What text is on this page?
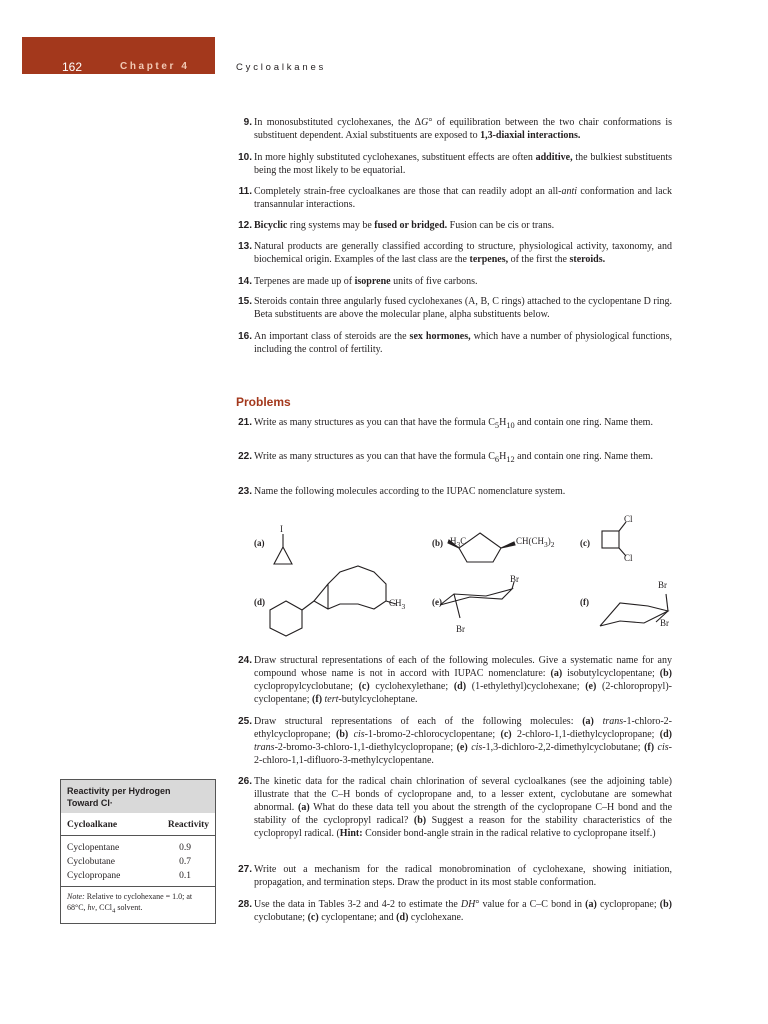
162	Chapter 4	Cycloalkanes
9. In monosubstituted cyclohexanes, the ΔG° of equilibration between the two chair conformations is substituent dependent. Axial substituents are exposed to 1,3-diaxial interactions.
10. In more highly substituted cyclohexanes, substituent effects are often additive, the bulkiest substituents being the most likely to be equatorial.
11. Completely strain-free cycloalkanes are those that can readily adopt an all-anti conformation and lack transannular interactions.
12. Bicyclic ring systems may be fused or bridged. Fusion can be cis or trans.
13. Natural products are generally classified according to structure, physiological activity, taxonomy, and biochemical origin. Examples of the last class are the terpenes, of the first the steroids.
14. Terpenes are made up of isoprene units of five carbons.
15. Steroids contain three angularly fused cyclohexanes (A, B, C rings) attached to the cyclopentane D ring. Beta substituents are above the molecular plane, alpha substituents below.
16. An important class of steroids are the sex hormones, which have a number of physiological functions, including the control of fertility.
Problems
21. Write as many structures as you can that have the formula $C_5H_{10}$ and contain one ring. Name them.
22. Write as many structures as you can that have the formula $C_6H_{12}$ and contain one ring. Name them.
23. Name the following molecules according to the IUPAC nomenclature system.
(a)	(b)	(c)
(d)	(e)	(f)
I
$H_3C$	$CH(CH_3)_2$
Cl
Cl
$CH_3$
Br
Br
Br
Br
24. Draw structural representations of each of the following molecules. Give a systematic name for any compound whose name is not in accord with IUPAC nomenclature: (a) isobutylcyclopentane; (b) cyclopropylcyclobutane; (c) cyclohexylethane; (d) (1-ethylethyl)cyclohexane; (e) (2-chloropropyl)-cyclopentane; (f) tert-butylcycloheptane.
25. Draw structural representations of each of the following molecules: (a) trans-1-chloro-2-ethylcyclopropane; (b) cis-1-bromo-2-chlorocyclopentane; (c) 2-chloro-1,1-diethylcyclopropane; (d) trans-2-bromo-3-chloro-1,1-diethylcyclopropane; (e) cis-1,3-dichloro-2,2-dimethylcyclobutane; (f) cis-2-chloro-1,1-difluoro-3-methylcyclopentane.
26. The kinetic data for the radical chain chlorination of several cycloalkanes (see the adjoining table) illustrate that the C–H bonds of cyclopropane and, to a lesser extent, cyclobutane are somewhat abnormal. (a) What do these data tell you about the strength of the cyclopropane C–H bond and the stability of the cyclopropyl radical? (b) Suggest a reason for the stability characteristics of the cyclopropyl radical. (Hint: Consider bond-angle strain in the radical relative to cyclopropane itself.)
27. Write out a mechanism for the radical monobromination of cyclohexane, showing initiation, propagation, and termination steps. Draw the product in its most stable conformation.
28. Use the data in Tables 3-2 and 4-2 to estimate the DH° value for a C–C bond in (a) cyclopropane; (b) cyclobutane; (c) cyclopentane; and (d) cyclohexane.
Reactivity per Hydrogen
Toward Cl·
Cycloalkane	Reactivity
Cyclopentane	0.9
Cyclobutane	0.7
Cyclopropane	0.1
Note: Relative to cyclohexane = 1.0; at 68°C, hν, CCl$_4$ solvent.
